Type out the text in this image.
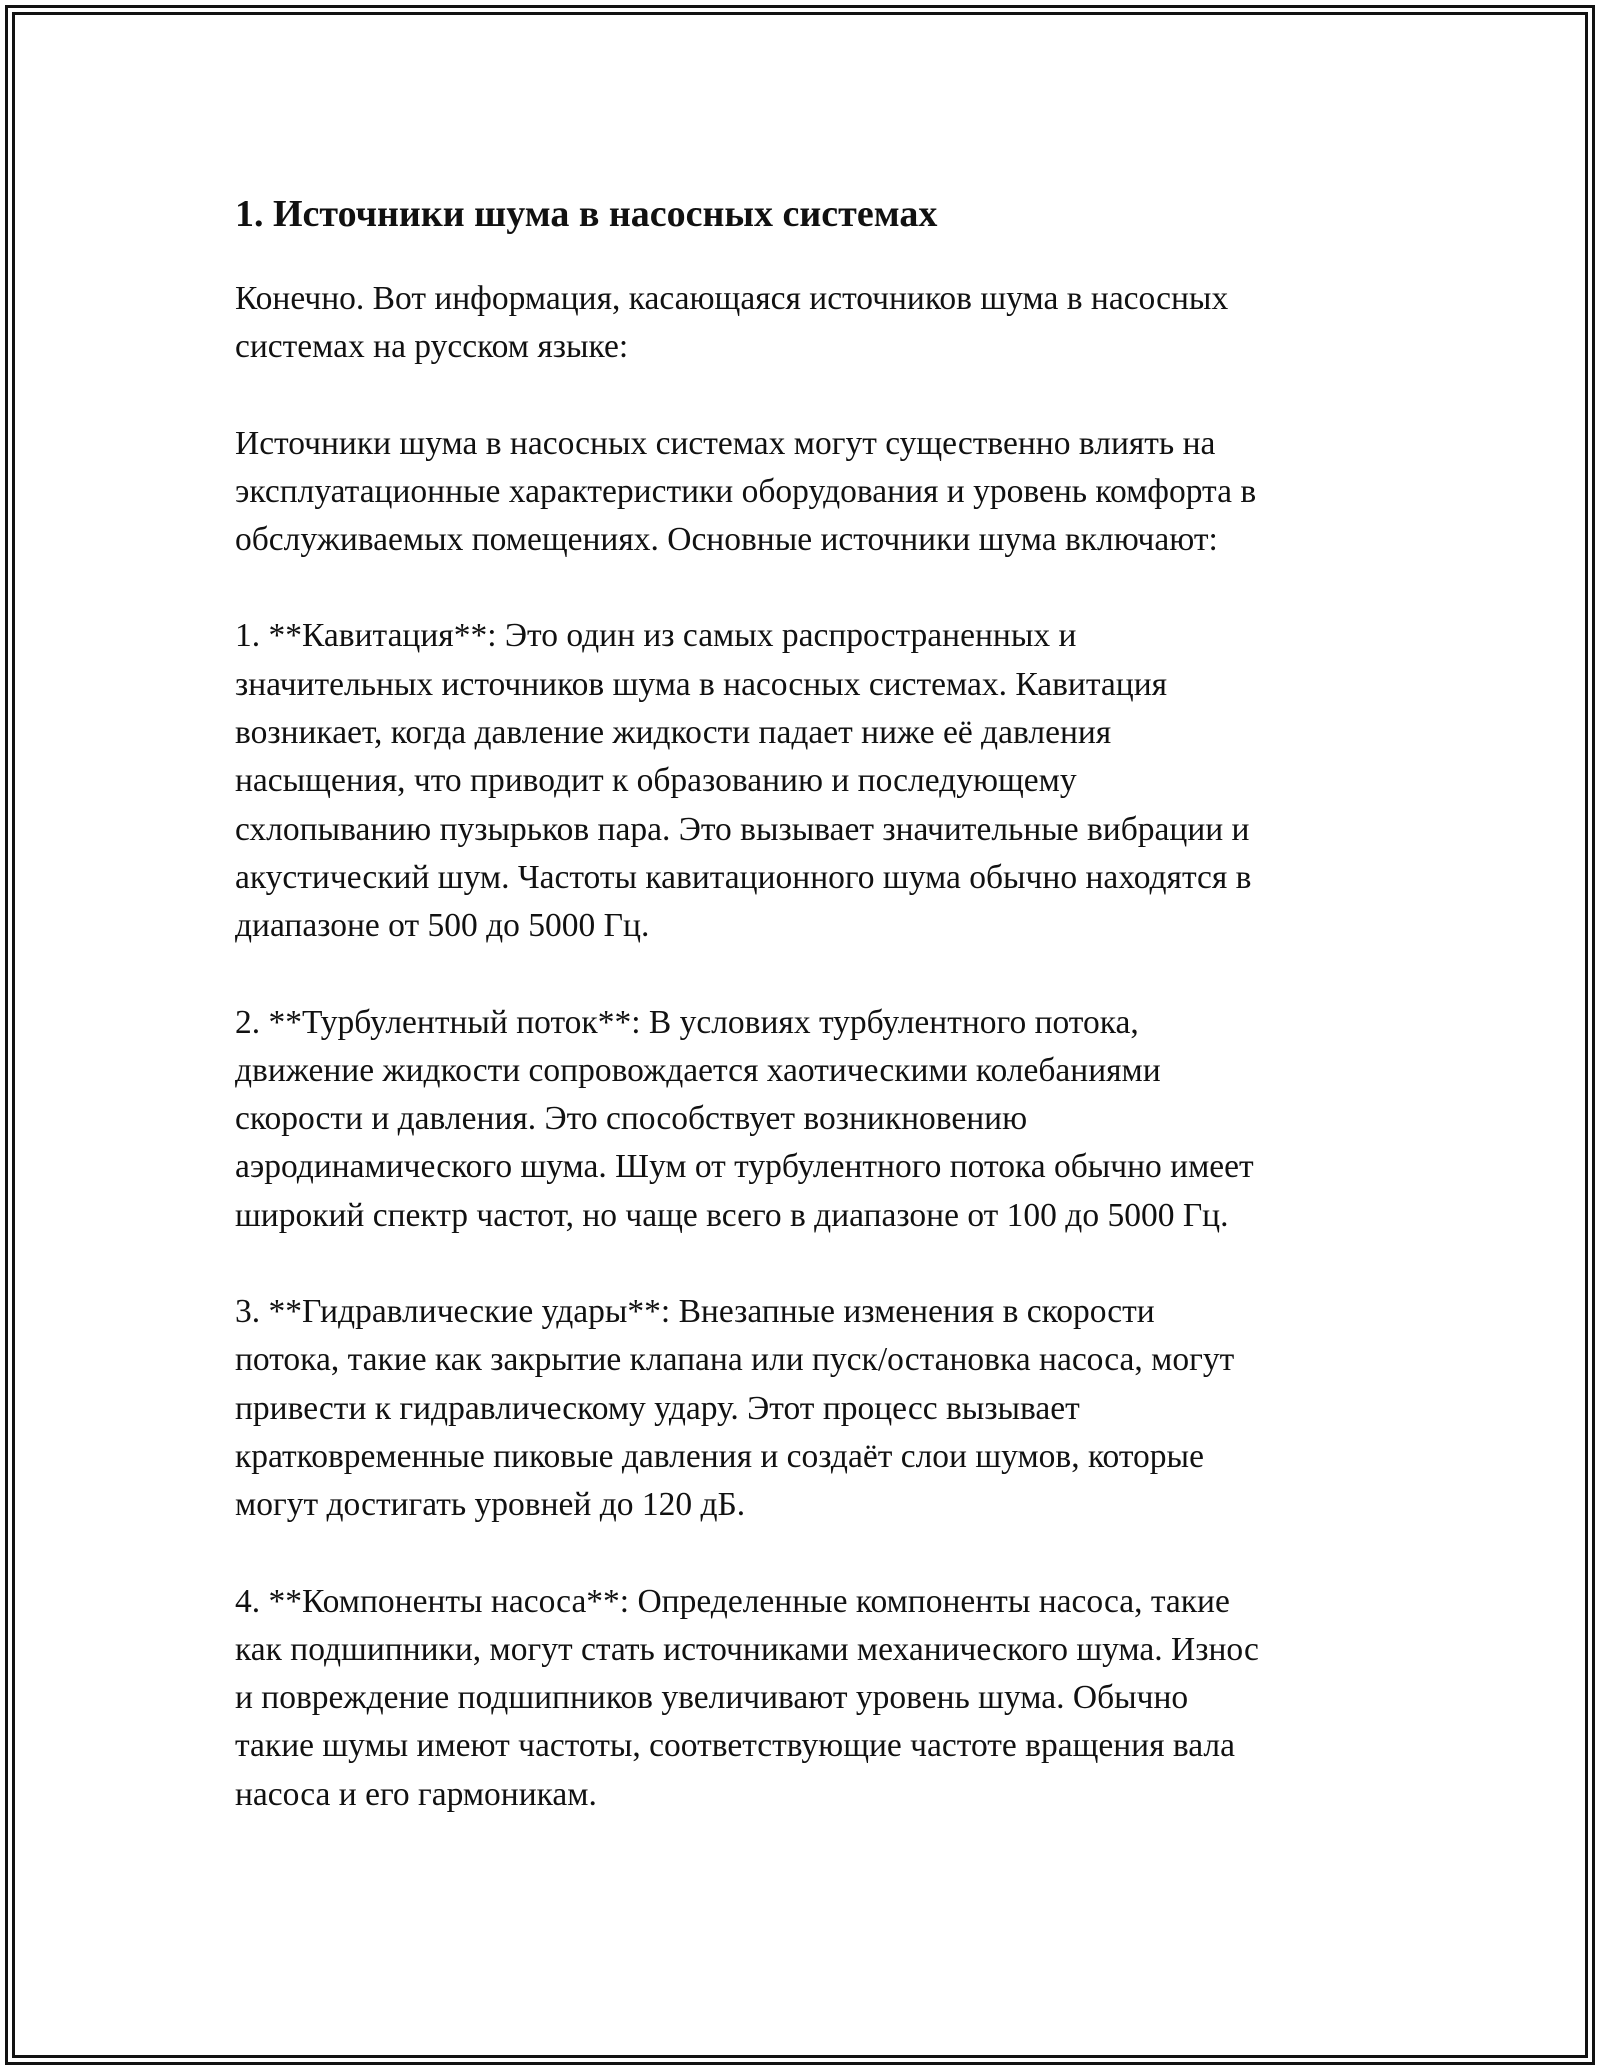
1. Источники шума в насосных системах

Конечно. Вот информация, касающаяся источников шума в насосных
системах на русском языке:

Источники шума в насосных системах могут существенно влиять на
эксплуатационные характеристики оборудования и уровень комфорта в
обслуживаемых помещениях. Основные источники шума включают:

1. **Кавитация**: Это один из самых распространенных и
значительных источников шума в насосных системах. Кавитация
возникает, когда давление жидкости падает ниже её давления
насыщения, что приводит к образованию и последующему
схлопыванию пузырьков пара. Это вызывает значительные вибрации и
акустический шум. Частоты кавитационного шума обычно находятся в
диапазоне от 500 до 5000 Гц.

2. **Турбулентный поток**: В условиях турбулентного потока,
движение жидкости сопровождается хаотическими колебаниями
скорости и давления. Это способствует возникновению
аэродинамического шума. Шум от турбулентного потока обычно имеет
широкий спектр частот, но чаще всего в диапазоне от 100 до 5000 Гц.

3. **Гидравлические удары**: Внезапные изменения в скорости
потока, такие как закрытие клапана или пуск/остановка насоса, могут
привести к гидравлическому удару. Этот процесс вызывает
кратковременные пиковые давления и создаёт слои шумов, которые
могут достигать уровней до 120 дБ.

4. **Компоненты насоса**: Определенные компоненты насоса, такие
как подшипники, могут стать источниками механического шума. Износ
и повреждение подшипников увеличивают уровень шума. Обычно
такие шумы имеют частоты, соответствующие частоте вращения вала
насоса и его гармоникам.
